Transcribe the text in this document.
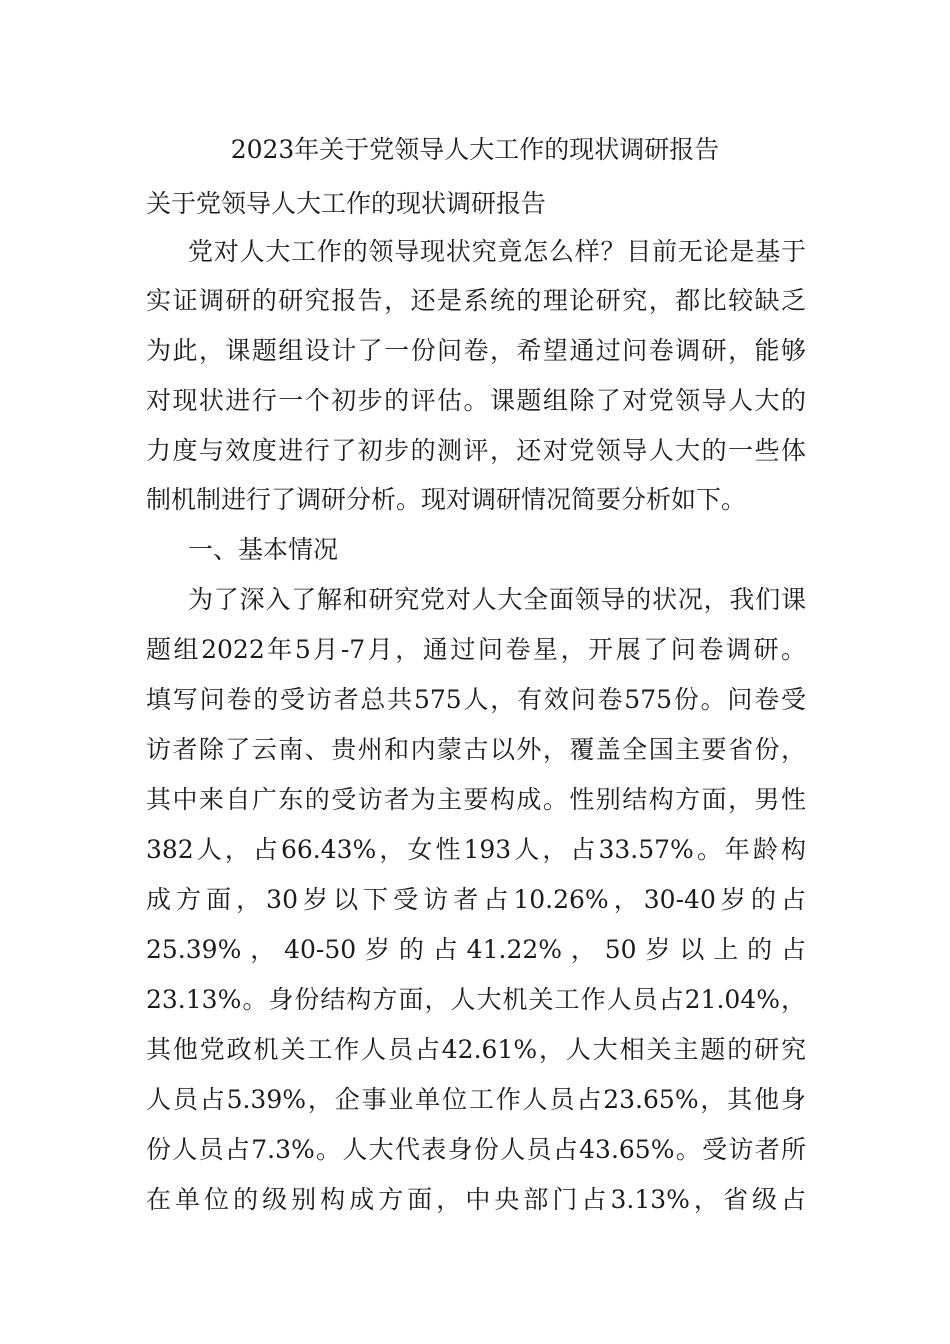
2023年关于党领导人大工作的现状调研报告
关于党领导人大工作的现状调研报告
党对人大工作的领导现状究竟怎么样？目前无论是基于
实证调研的研究报告，还是系统的理论研究，都比较缺乏
为此，课题组设计了一份问卷，希望通过问卷调研，能够
对现状进行一个初步的评估。课题组除了对党领导人大的
力度与效度进行了初步的测评，还对党领导人大的一些体
制机制进行了调研分析。现对调研情况简要分析如下。
一、基本情况
为了深入了解和研究党对人大全面领导的状况，我们课
题组2022年5月-7月，通过问卷星，开展了问卷调研。
填写问卷的受访者总共575人，有效问卷575份。问卷受
访者除了云南、贵州和内蒙古以外，覆盖全国主要省份，
其中来自广东的受访者为主要构成。性别结构方面，男性
382人，占66.43%，女性193人，占33.57%。年龄构
成方面，30岁以下受访者占10.26%，30-40岁的占
25.39%，40-50岁的占41.22%，50岁以上的占
23.13%。身份结构方面，人大机关工作人员占21.04%，
其他党政机关工作人员占42.61%，人大相关主题的研究
人员占5.39%，企事业单位工作人员占23.65%，其他身
份人员占7.3%。人大代表身份人员占43.65%。受访者所
在单位的级别构成方面，中央部门占3.13%，省级占
